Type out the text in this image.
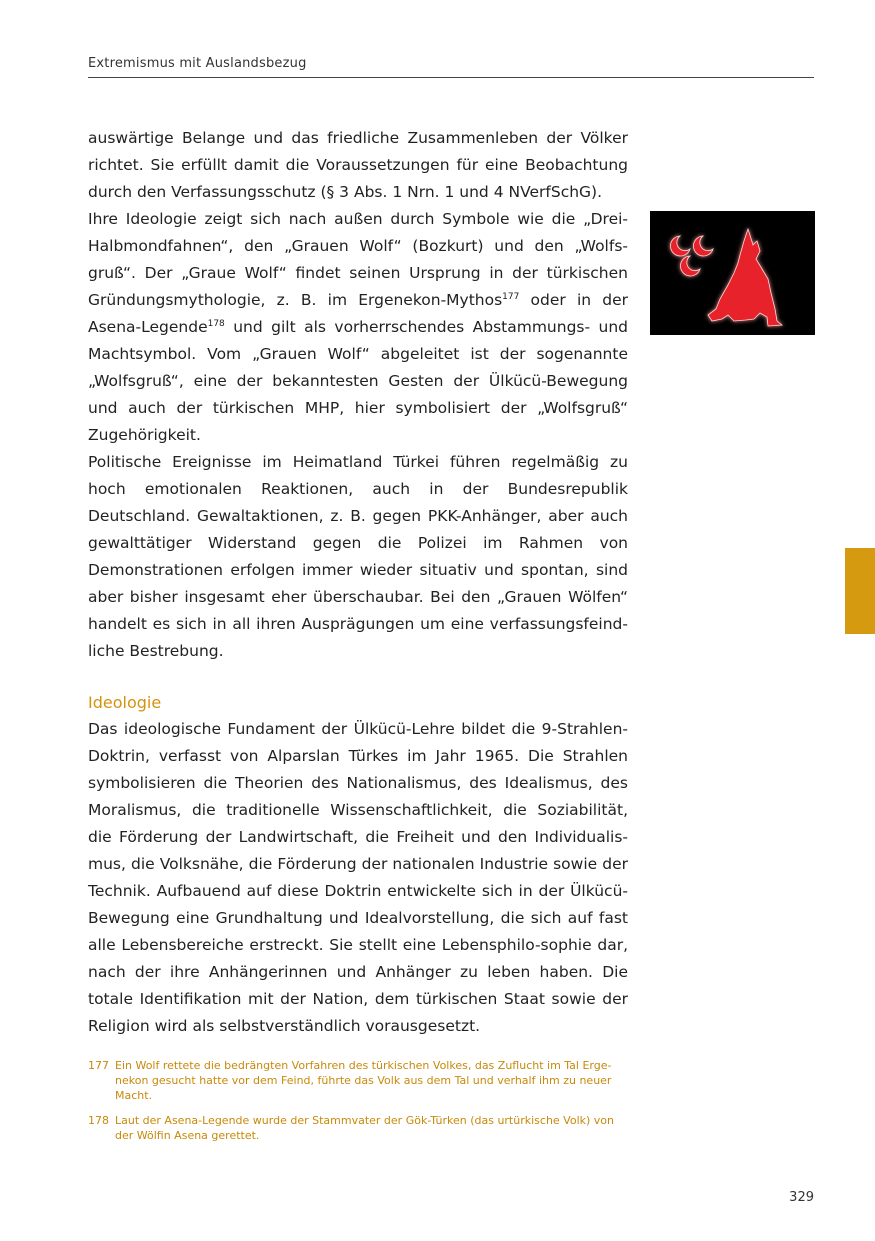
Extremismus mit Auslandsbezug

auswärtige Belange und das friedliche Zusammenleben der Völker richtet. Sie erfüllt damit die Voraussetzungen für eine Beobachtung durch den Verfassungsschutz (§ 3 Abs. 1 Nrn. 1 und 4 NVerfSchG).

Ihre Ideologie zeigt sich nach außen durch Symbole wie die „Drei-Halbmondfahnen“, den „Grauen Wolf“ (Bozkurt) und den „Wolfs-gruß“. Der „Graue Wolf“ findet seinen Ursprung in der türkischen Gründungsmythologie, z. B. im Ergenekon-Mythos$^{177}$ oder in der Asena-Legende$^{178}$ und gilt als vorherrschendes Abstammungs- und Machtsymbol. Vom „Grauen Wolf“ abgeleitet ist der sogenannte „Wolfsgruß“, eine der bekanntesten Gesten der Ülkücü-Bewegung und auch der türkischen MHP, hier symbolisiert der „Wolfsgruß“ Zugehörigkeit.

Politische Ereignisse im Heimatland Türkei führen regelmäßig zu hoch emotionalen Reaktionen, auch in der Bundesrepublik Deutschland. Gewaltaktionen, z. B. gegen PKK-Anhänger, aber auch gewalttätiger Widerstand gegen die Polizei im Rahmen von Demonstrationen erfolgen immer wieder situativ und spontan, sind aber bisher insgesamt eher überschaubar. Bei den „Grauen Wölfen“ handelt es sich in all ihren Ausprägungen um eine verfassungsfeind-liche Bestrebung.

Ideologie

Das ideologische Fundament der Ülkücü-Lehre bildet die 9-Strahlen-Doktrin, verfasst von Alparslan Türkes im Jahr 1965. Die Strahlen symbolisieren die Theorien des Nationalismus, des Idealismus, des Moralismus, die traditionelle Wissenschaftlichkeit, die Soziabilität, die Förderung der Landwirtschaft, die Freiheit und den Individualis-mus, die Volksnähe, die Förderung der nationalen Industrie sowie der Technik. Aufbauend auf diese Doktrin entwickelte sich in der Ülkücü-Bewegung eine Grundhaltung und Idealvorstellung, die sich auf fast alle Lebensbereiche erstreckt. Sie stellt eine Lebensphilo-sophie dar, nach der ihre Anhängerinnen und Anhänger zu leben haben. Die totale Identifikation mit der Nation, dem türkischen Staat sowie der Religion wird als selbstverständlich vorausgesetzt.

177 Ein Wolf rettete die bedrängten Vorfahren des türkischen Volkes, das Zuflucht im Tal Erge-nekon gesucht hatte vor dem Feind, führte das Volk aus dem Tal und verhalf ihm zu neuer Macht.
178 Laut der Asena-Legende wurde der Stammvater der Gök-Türken (das urtürkische Volk) von der Wölfin Asena gerettet.
329
